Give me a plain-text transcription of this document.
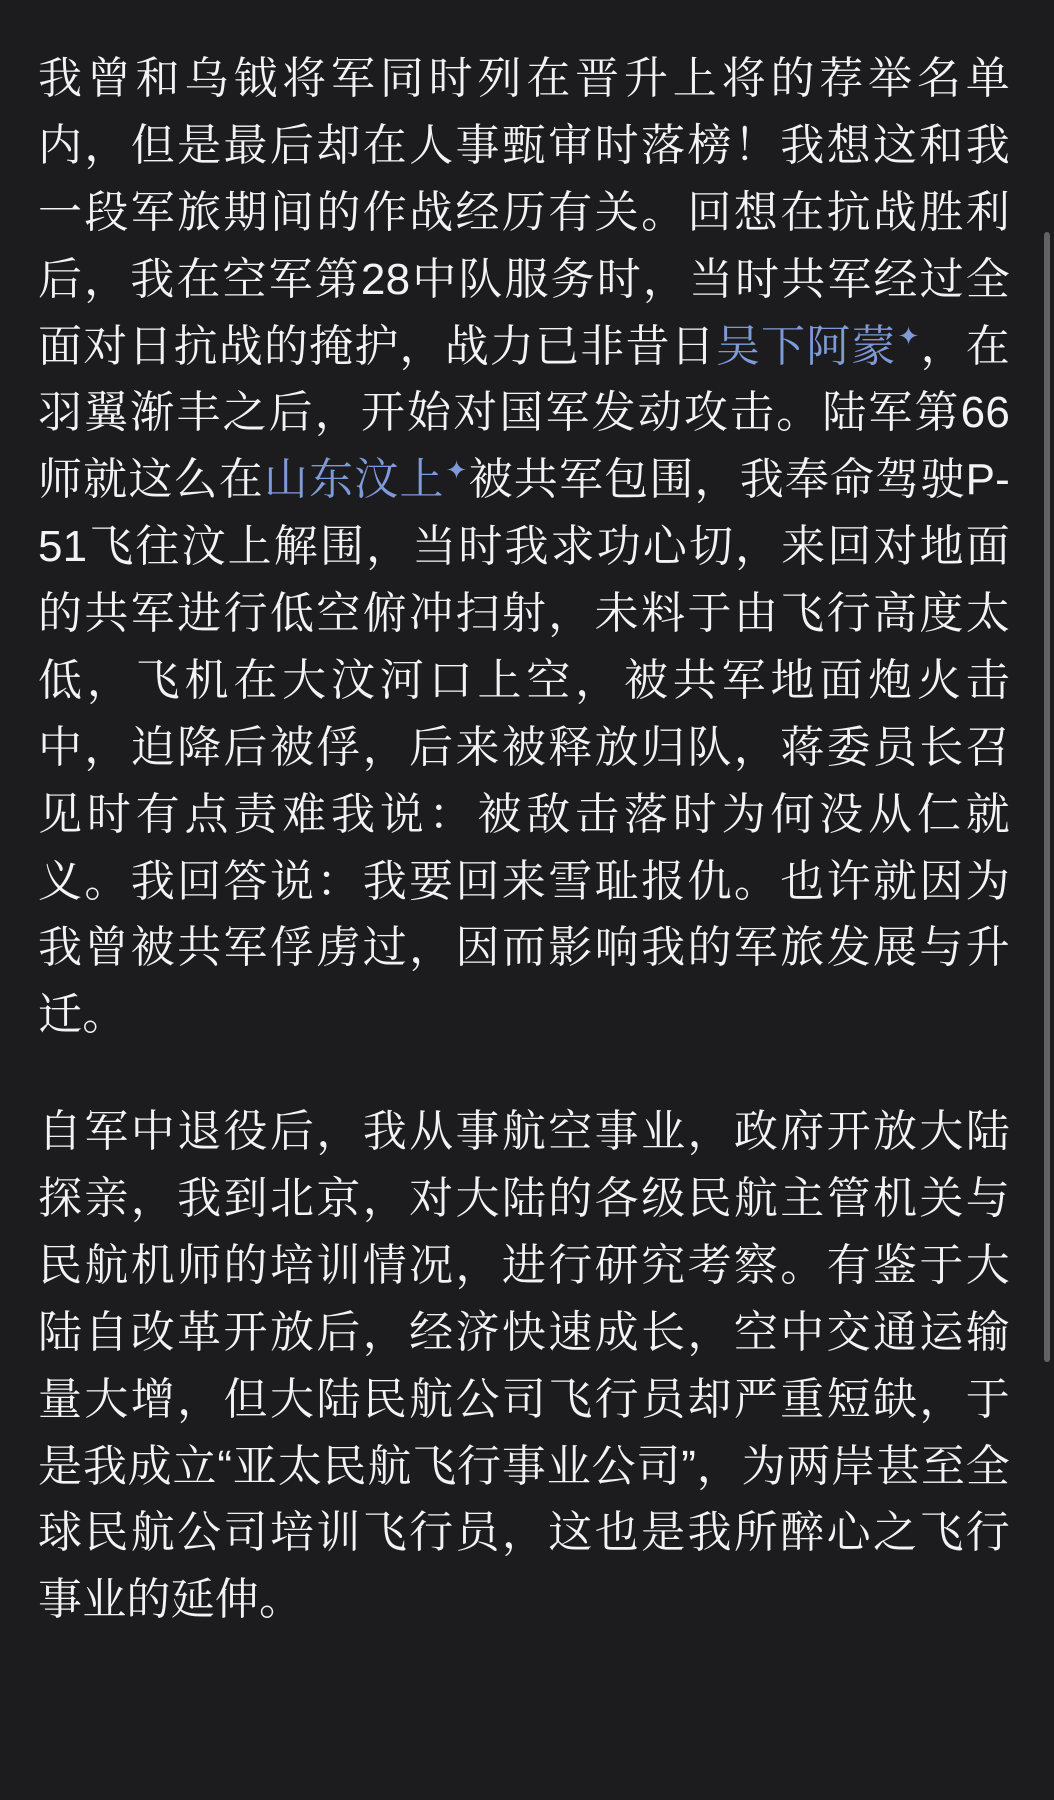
我曾和乌钺将军同时列在晋升上将的荐举名单内，但是最后却在人事甄审时落榜！我想这和我一段军旅期间的作战经历有关。回想在抗战胜利后，我在空军第28中队服务时，当时共军经过全面对日抗战的掩护，战力已非昔日吴下阿蒙✦，在羽翼渐丰之后，开始对国军发动攻击。陆军第66师就这么在山东汶上✦被共军包围，我奉命驾驶P-51飞往汶上解围，当时我求功心切，来回对地面的共军进行低空俯冲扫射，未料于由飞行高度太低，飞机在大汶河口上空，被共军地面炮火击中，迫降后被俘，后来被释放归队，蒋委员长召见时有点责难我说：被敌击落时为何没从仁就义。我回答说：我要回来雪耻报仇。也许就因为我曾被共军俘虏过，因而影响我的军旅发展与升迁。

自军中退役后，我从事航空事业，政府开放大陆探亲，我到北京，对大陆的各级民航主管机关与民航机师的培训情况，进行研究考察。有鉴于大陆自改革开放后，经济快速成长，空中交通运输量大增，但大陆民航公司飞行员却严重短缺，于是我成立“亚太民航飞行事业公司”，为两岸甚至全球民航公司培训飞行员，这也是我所醉心之飞行事业的延伸。
